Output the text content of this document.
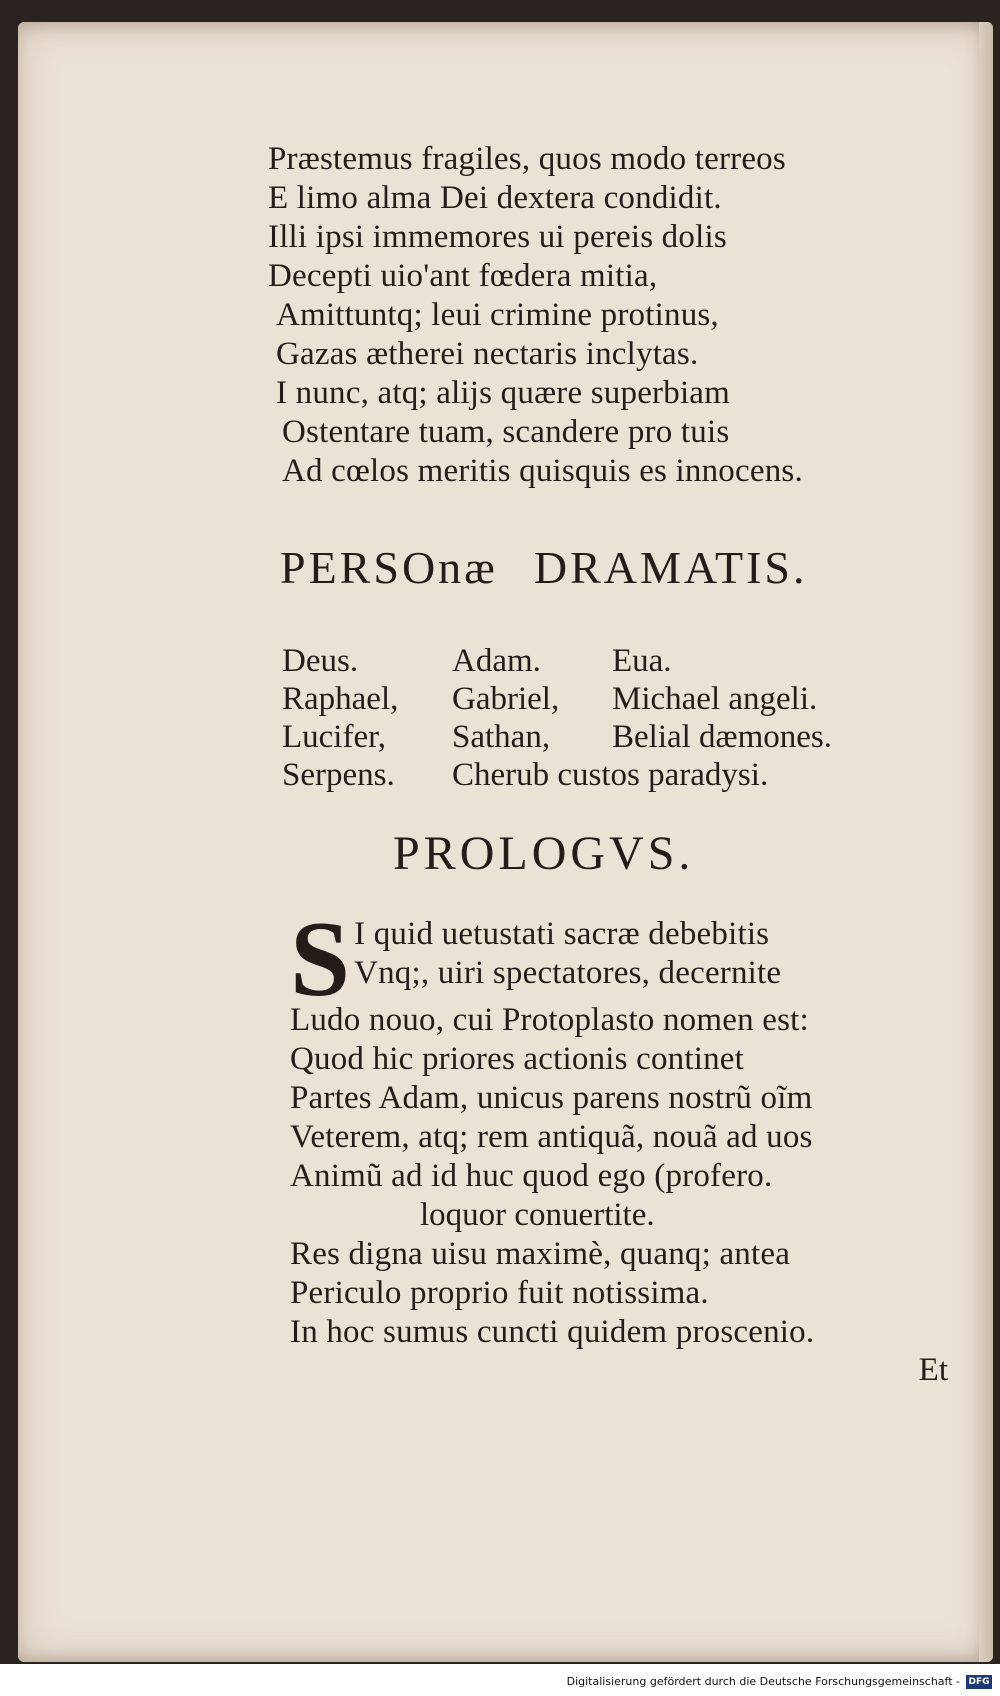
Præstemus fragiles, quos modo terreos
E limo alma Dei dextera condidit.
Illi ipsi immemores ui pereis dolis
Decepti uio'ant fœdera mitia,
Amittuntq; leui crimine protinus,
Gazas ætherei nectaris inclytas.
I nunc, atq; alijs quære superbiam
Ostentare tuam, scandere pro tuis
Ad cœlos meritis quisquis es innocens.
PERSOnæ DRAMATIS.
Deus.	Adam.	Eua.
Raphael,	Gabriel,	Michael angeli.
Lucifer,	Sathan,	Belial dæmones.
Serpens.	Cherub custos paradysi.	
PROLOGVS.
S I quid uetustati sacræ debebitis
Vnq;, uiri spectatores, decernite
Ludo nouo, cui Protoplasto nomen est:
Quod hic priores actionis continet
Partes Adam, unicus parens nostrũ oĩm
Veterem, atq; rem antiquã, nouã ad uos
Animũ ad id huc quod ego (profero.
loquor conuertite.
Res digna uisu maximè, quanq; antea
Periculo proprio fuit notissima.
In hoc sumus cuncti quidem proscenio.
Et
Digitalisierung gefördert durch die Deutsche Forschungsgemeinschaft - DFG
